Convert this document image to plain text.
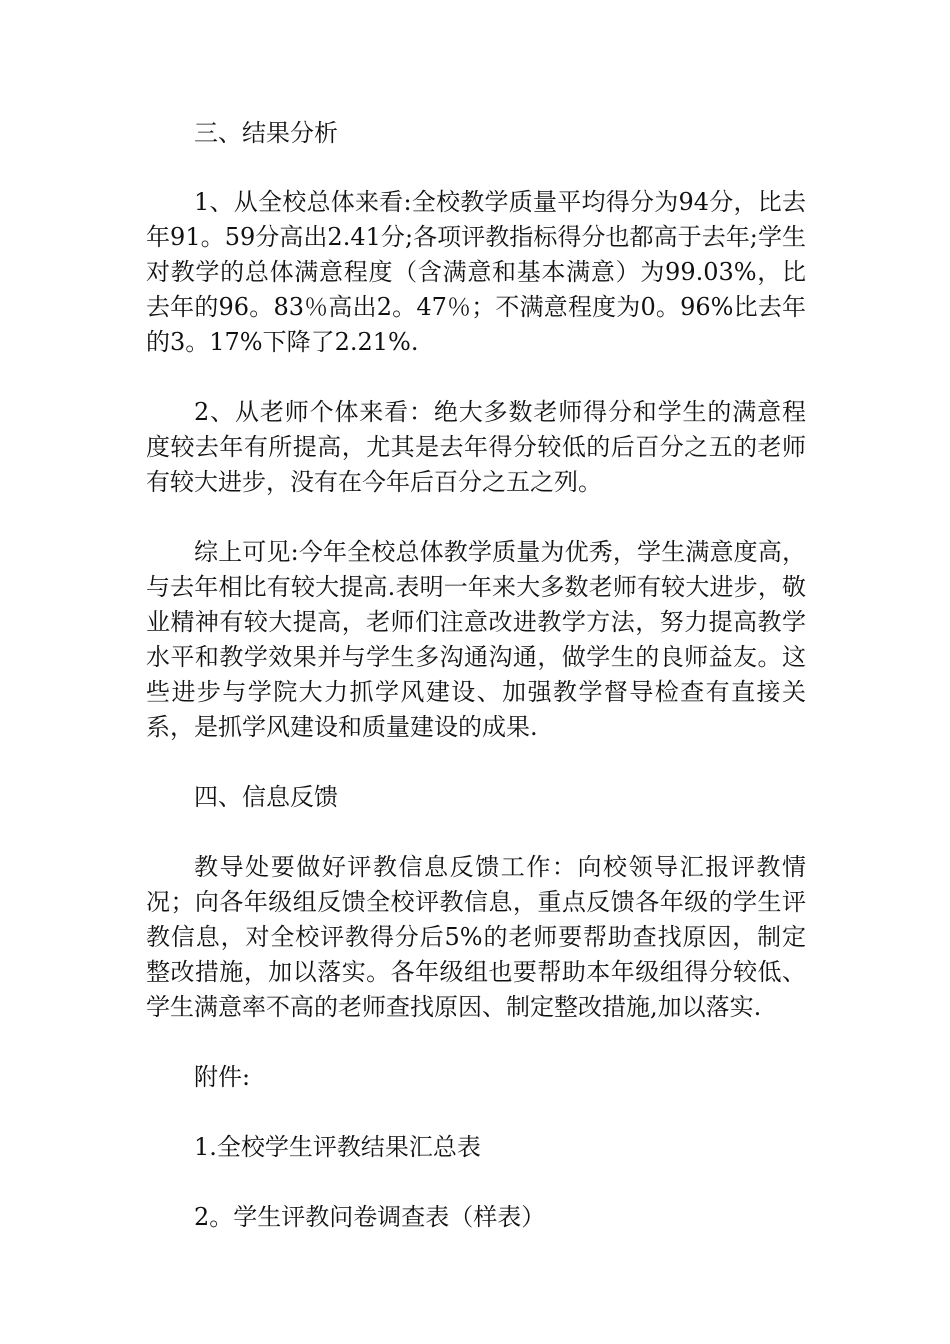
三、结果分析

1、从全校总体来看:全校教学质量平均得分为94分，比去年91。59分高出2.41分;各项评教指标得分也都高于去年;学生对教学的总体满意程度（含满意和基本满意）为99.03%，比去年的96。83％高出2。47％；不满意程度为0。96%比去年的3。17%下降了2.21%.

2、从老师个体来看：绝大多数老师得分和学生的满意程度较去年有所提高，尤其是去年得分较低的后百分之五的老师有较大进步，没有在今年后百分之五之列。

综上可见:今年全校总体教学质量为优秀，学生满意度高，与去年相比有较大提高.表明一年来大多数老师有较大进步，敬业精神有较大提高，老师们注意改进教学方法，努力提高教学水平和教学效果并与学生多沟通沟通，做学生的良师益友。这些进步与学院大力抓学风建设、加强教学督导检查有直接关系，是抓学风建设和质量建设的成果.

四、信息反馈

教导处要做好评教信息反馈工作：向校领导汇报评教情况；向各年级组反馈全校评教信息，重点反馈各年级的学生评教信息，对全校评教得分后5%的老师要帮助查找原因，制定整改措施，加以落实。各年级组也要帮助本年级组得分较低、学生满意率不高的老师查找原因、制定整改措施,加以落实.

附件:

1.全校学生评教结果汇总表

2。学生评教问卷调查表（样表）
